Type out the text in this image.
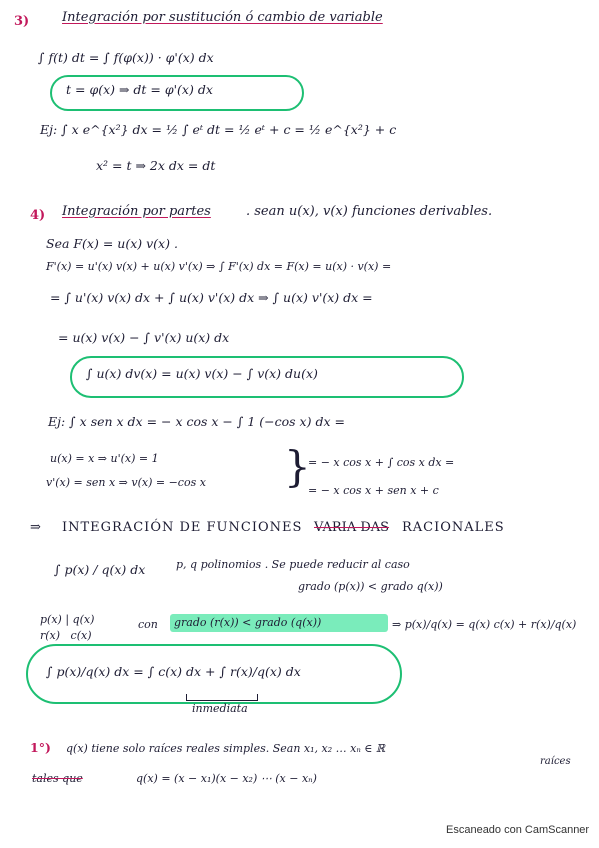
3)	Integración por sustitución ó cambio de variable
∫ f(t) dt = ∫ f(φ(x)) · φ'(x) dx
t = φ(x) ⇒ dt = φ'(x) dx
Ej: ∫ x e^{x²} dx = ½ ∫ eᵗ dt = ½ eᵗ + c = ½ e^{x²} + c
x² = t ⇒ 2x dx = dt
4) Integración por partes	. sean u(x), v(x) funciones derivables.
Sea F(x) = u(x) v(x) .
F'(x) = u'(x) v(x) + u(x) v'(x) ⇒ ∫ F'(x) dx = F(x) = u(x) · v(x) =
= ∫ u'(x) v(x) dx + ∫ u(x) v'(x) dx ⇒ ∫ u(x) v'(x) dx =
= u(x) v(x) − ∫ v'(x) u(x) dx
∫ u(x) dv(x) = u(x) v(x) − ∫ v(x) du(x)
Ej: ∫ x sen x dx = − x cos x − ∫ 1 (−cos x) dx =
u(x) = x ⇒ u'(x) = 1
v'(x) = sen x ⇒ v(x) = −cos x }
= − x cos x + ∫ cos x dx =
= − x cos x + sen x + c
⇒ INTEGRACIÓN DE FUNCIONES VARIA DAS RACIONALES
∫ p(x) / q(x) dx	p, q polinomios . Se puede reducir al caso
grado (p(x)) < grado q(x))
p(x) | q(x)
r(x)   c(x)
con grado (r(x)) < grado (q(x))	⇒ p(x)/q(x) = q(x) c(x) + r(x)/q(x)
∫ p(x)/q(x) dx = ∫ c(x) dx + ∫ r(x)/q(x) dx
inmediata
1°) q(x) tiene solo raíces reales simples. Sean x₁, x₂ … xₙ ∈ ℝ
raíces
tales que	q(x) = (x − x₁)(x − x₂) ⋯ (x − xₙ)
Escaneado con CamScanner
